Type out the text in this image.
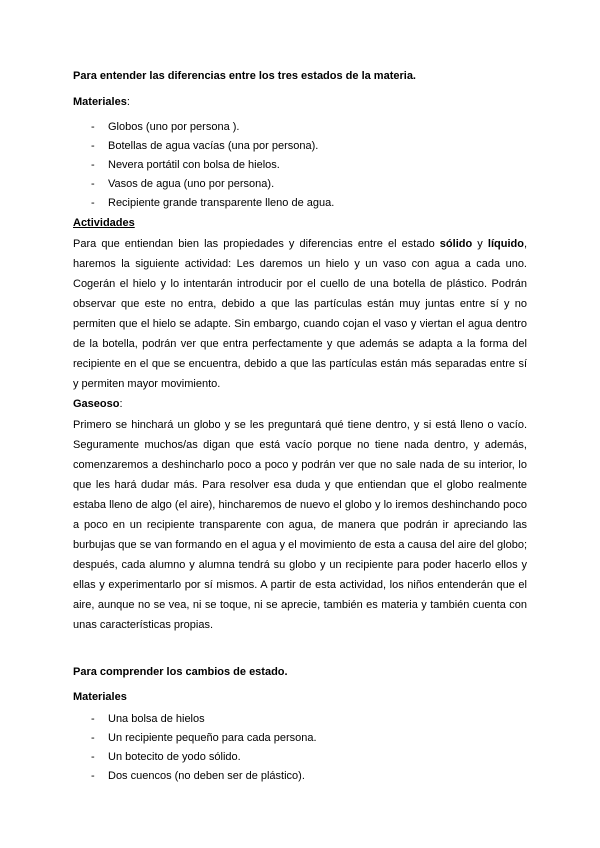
Para entender las diferencias entre los tres estados de la materia.

Materiales:

- Globos (uno por persona ).
- Botellas de agua vacías (una por persona).
- Nevera portátil con bolsa de hielos.
- Vasos de agua (uno por persona).
- Recipiente grande transparente lleno de agua.

Actividades

Para que entiendan bien las propiedades y diferencias entre el estado sólido y líquido, haremos la siguiente actividad: Les daremos un hielo y un vaso con agua a cada uno. Cogerán el hielo y lo intentarán introducir por el cuello de una botella de plástico. Podrán observar que este no entra, debido a que las partículas están muy juntas entre sí y no permiten que el hielo se adapte. Sin embargo, cuando cojan el vaso y viertan el agua dentro de la botella, podrán ver que entra perfectamente y que además se adapta a la forma del recipiente en el que se encuentra, debido a que las partículas están más separadas entre sí y permiten mayor movimiento.

Gaseoso:

Primero se hinchará un globo y se les preguntará qué tiene dentro, y si está lleno o vacío. Seguramente muchos/as digan que está vacío porque no tiene nada dentro, y además, comenzaremos a deshincharlo poco a poco y podrán ver que no sale nada de su interior, lo que les hará dudar más. Para resolver esa duda y que entiendan que el globo realmente estaba lleno de algo (el aire), hincharemos de nuevo el globo y lo iremos deshinchando poco a poco en un recipiente transparente con agua, de manera que podrán ir apreciando las burbujas que se van formando en el agua y el movimiento de esta a causa del aire del globo; después, cada alumno y alumna tendrá su globo y un recipiente para poder hacerlo ellos y ellas y experimentarlo por sí mismos. A partir de esta actividad, los niños entenderán que el aire, aunque no se vea, ni se toque, ni se aprecie, también es materia y también cuenta con unas características propias.

Para comprender los cambios de estado.

Materiales

- Una bolsa de hielos
- Un recipiente pequeño para cada persona.
- Un botecito de yodo sólido.
- Dos cuencos (no deben ser de plástico).
